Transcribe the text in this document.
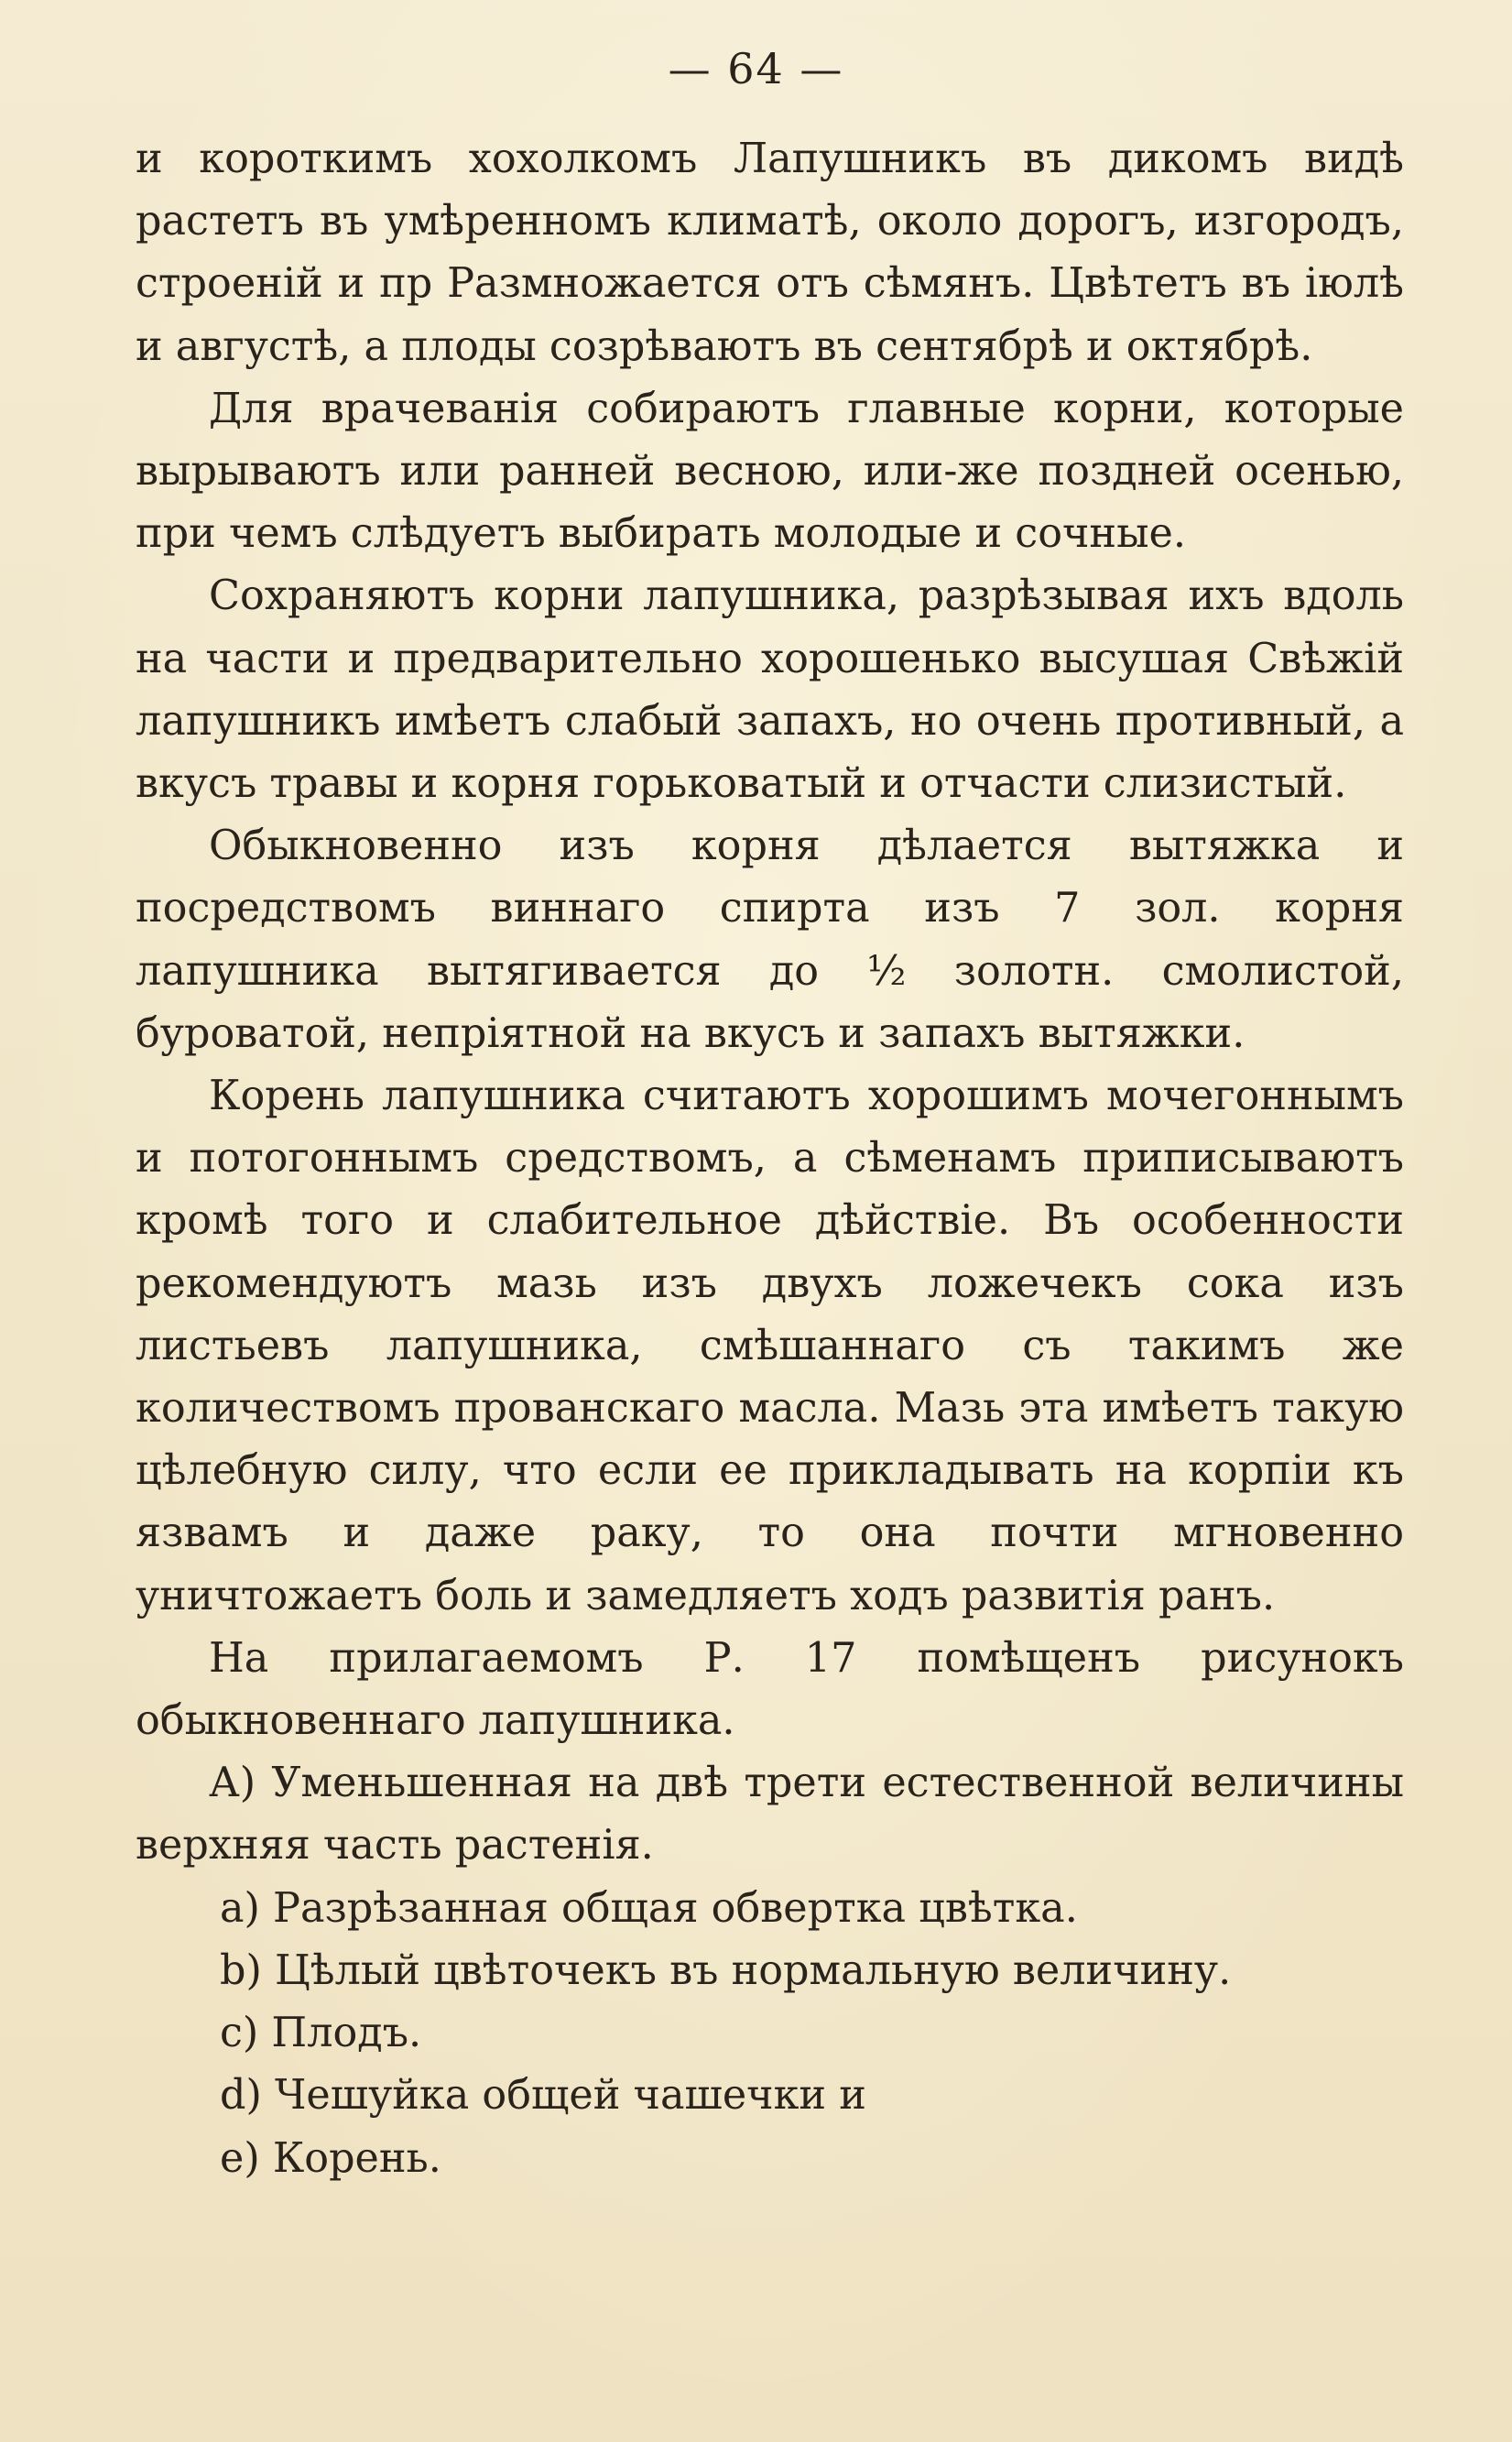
— 64 —

и короткимъ хохолкомъ Лапушникъ въ дикомъ видѣ растетъ въ умѣренномъ климатѣ, около дорогъ, изгородъ, строеній и пр Размножается отъ сѣмянъ. Цвѣтетъ въ іюлѣ и августѣ, а плоды созрѣваютъ въ сентябрѣ и октябрѣ.

Для врачеванія собираютъ главные корни, которые вырываютъ или ранней весною, или-же поздней осенью, при чемъ слѣдуетъ выбирать молодые и сочные.

Сохраняютъ корни лапушника, разрѣзывая ихъ вдоль на части и предварительно хорошенько высушая Свѣжій лапушникъ имѣетъ слабый запахъ, но очень противный, а вкусъ травы и корня горьковатый и отчасти слизистый.

Обыкновенно изъ корня дѣлается вытяжка и посредствомъ виннаго спирта изъ 7 зол. корня лапушника вытягивается до ½ золотн. смолистой, буроватой, непріятной на вкусъ и запахъ вытяжки.

Корень лапушника считаютъ хорошимъ мочегоннымъ и потогоннымъ средствомъ, а сѣменамъ приписываютъ кромѣ того и слабительное дѣйствіе. Въ особенности рекомендуютъ мазь изъ двухъ ложечекъ сока изъ листьевъ лапушника, смѣшаннаго съ такимъ же количествомъ прованскаго масла. Мазь эта имѣетъ такую цѣлебную силу, что если ее прикладывать на корпіи къ язвамъ и даже раку, то она почти мгновенно уничтожаетъ боль и замедляетъ ходъ развитія ранъ.

На прилагаемомъ Р. 17 помѣщенъ рисунокъ обыкновеннаго лапушника.

А) Уменьшенная на двѣ трети естественной величины верхняя часть растенія.

а) Разрѣзанная общая обвертка цвѣтка.

b) Цѣлый цвѣточекъ въ нормальную величину.

c) Плодъ.

d) Чешуйка общей чашечки и

е) Корень.
